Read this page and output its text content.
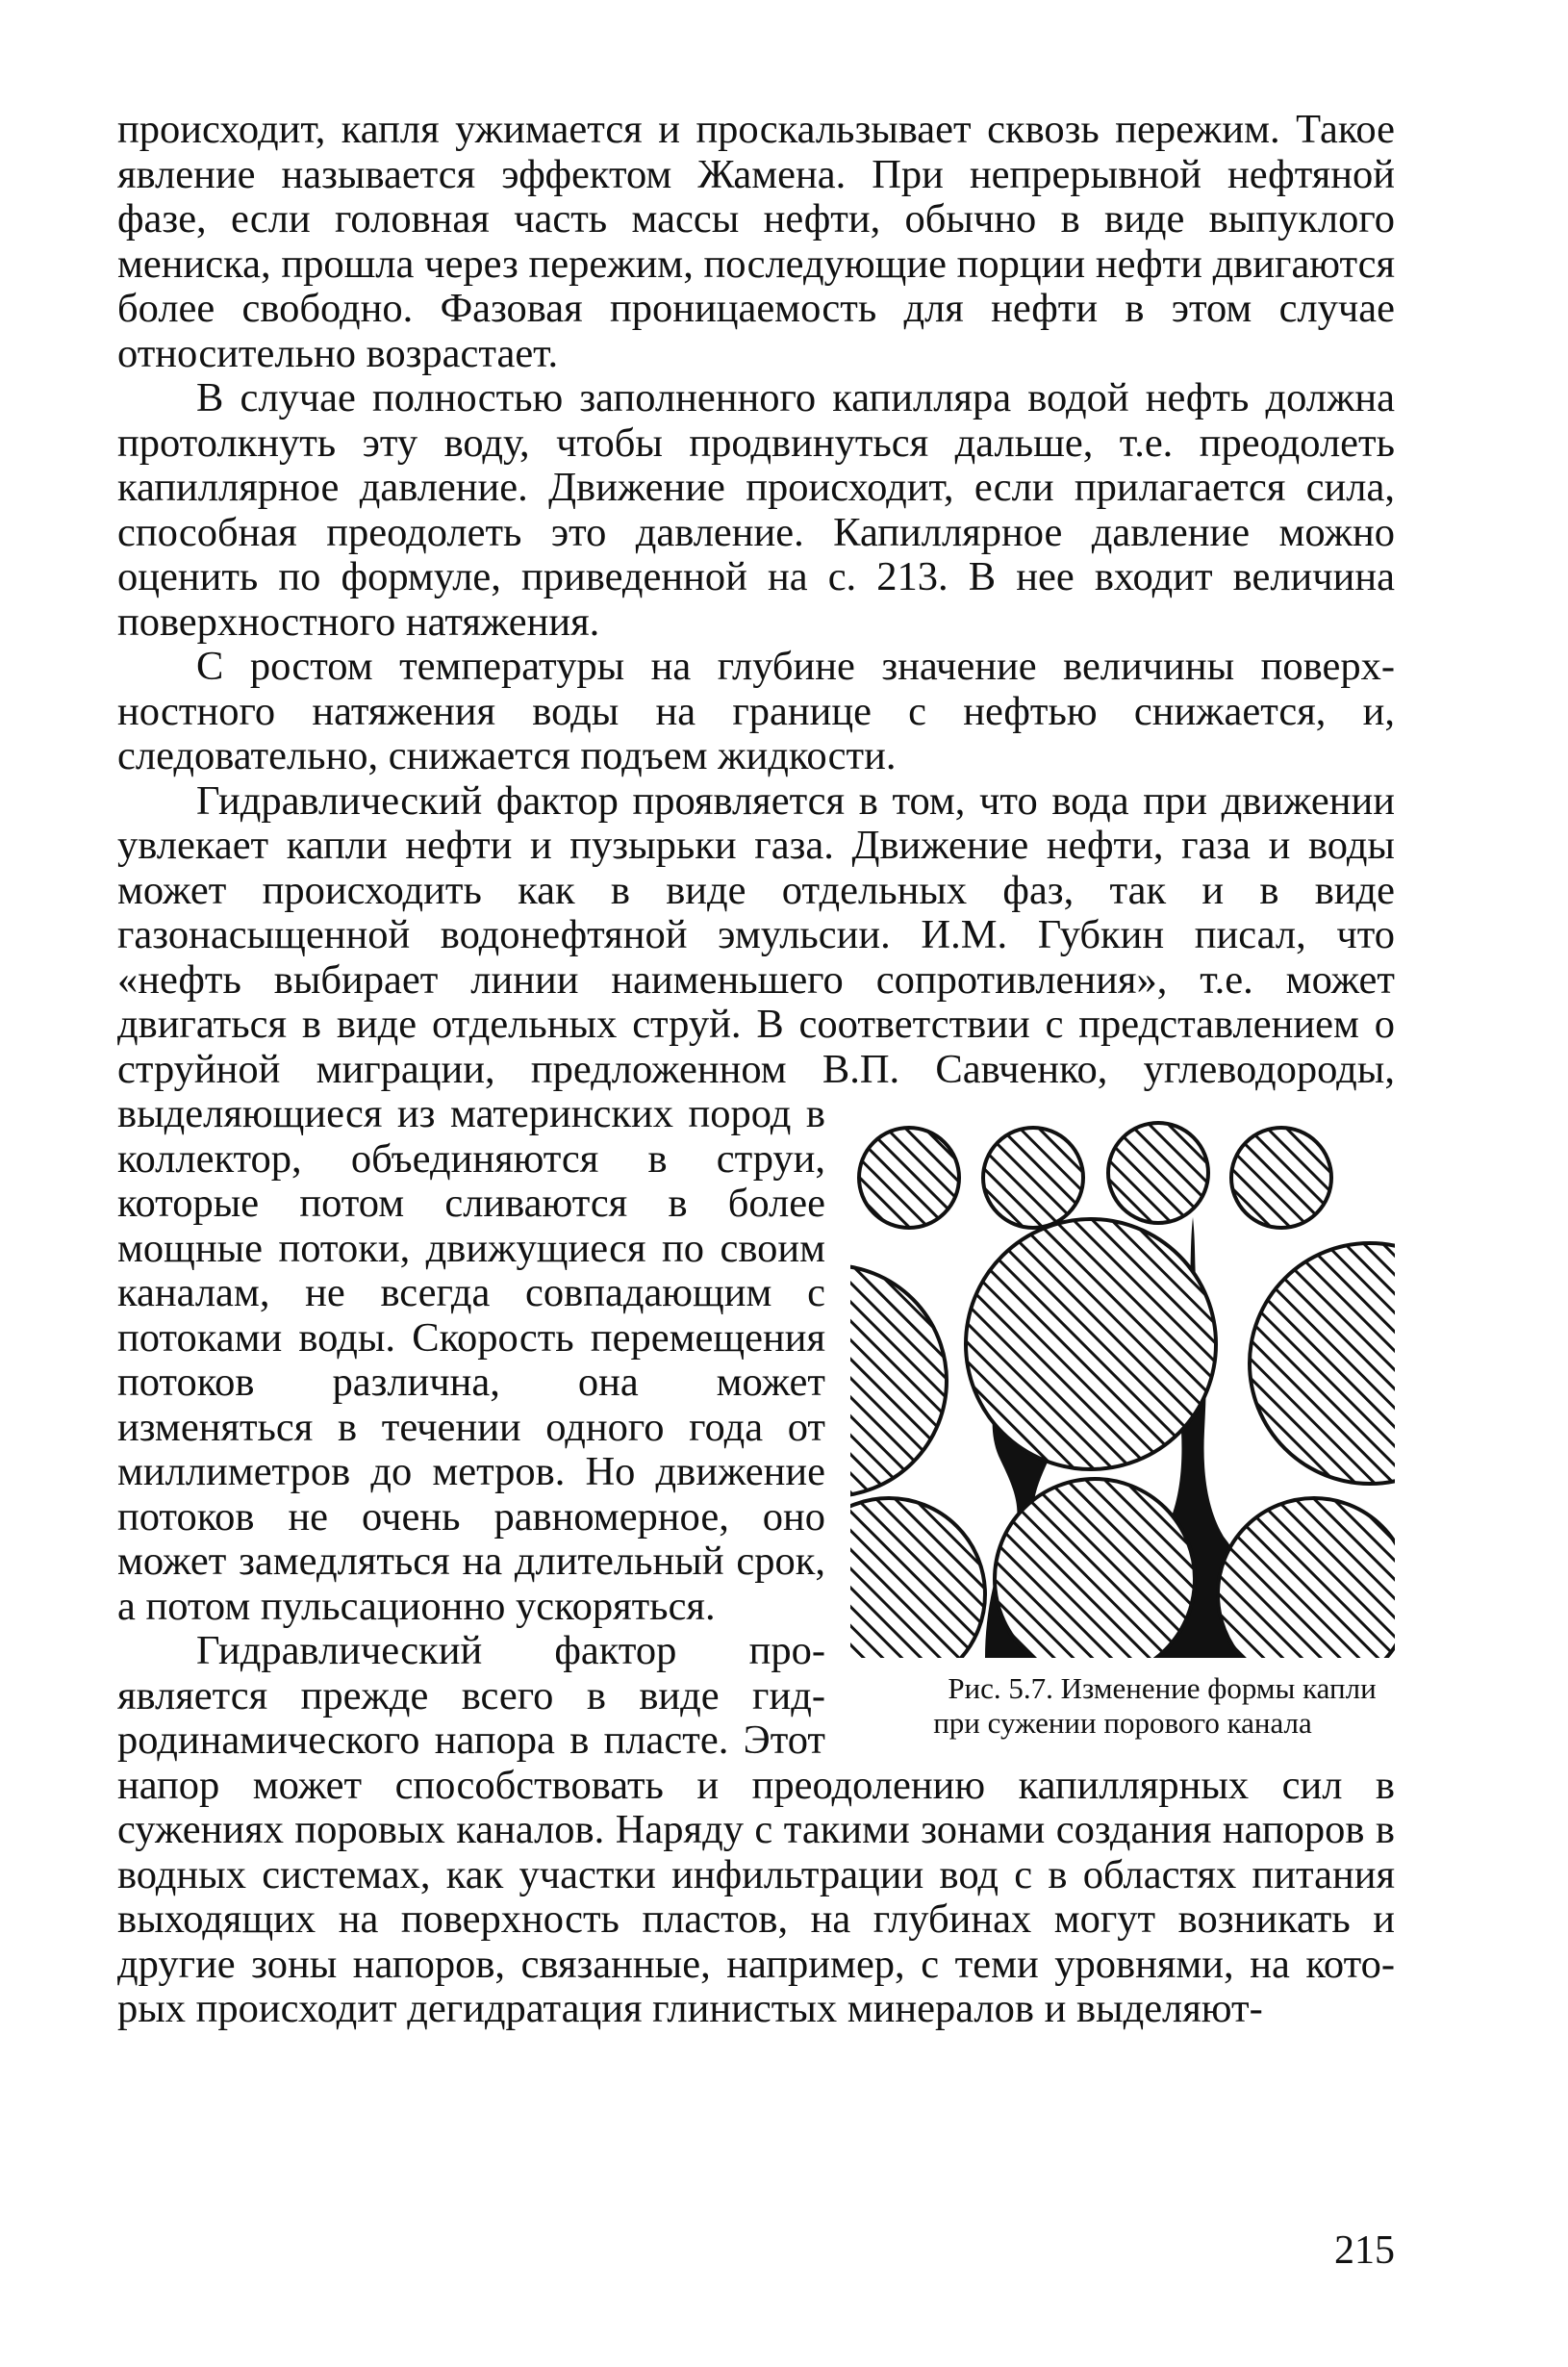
происходит, капля ужимается и проскальзывает сквозь пережим. Такое явление называется эффектом Жамена. При непрерывной нефтяной фазе, если головная часть массы нефти, обычно в виде выпуклого мениска, прошла через пережим, последующие порции нефти двигаются более свободно. Фазовая проницаемость для нефти в этом случае относительно возрастает.

В случае полностью заполненного капилляра водой нефть должна протолкнуть эту воду, чтобы продвинуться дальше, т.е. преодолеть капиллярное давление. Движение происходит, если прилагается сила, способная преодолеть это давление. Капиллярное давление можно оценить по формуле, приведенной на с. 213. В нее входит величина поверхностного натяжения.

С ростом температуры на глубине значение величины поверхностного натяжения воды на границе с нефтью снижается, и, следовательно, снижается подъем жидкости.

Гидравлический фактор проявляется в том, что вода при движении увлекает капли нефти и пузырьки газа. Движение нефти, газа и воды может происходить как в виде отдельных фаз, так и в виде газонасыщенной водонефтяной эмульсии. И.М. Губкин писал, что «нефть выбирает линии наименьшего сопротивления», т.е. может двигаться в виде отдельных струй. В соответствии с представлением о струйной миграции, предложенном В.П. Савченко, углеводороды, выделяющиеся из материнских пород в
Рис. 5.7. Изменение формы капли при сужении порового канала
коллектор, объединяются в струи, которые потом сливаются в более мощные потоки, движущиеся по своим каналам, не всегда совпадающим с потоками воды. Скорость перемещения потоков различна, она может изменяться в течении одного года от миллиметров до метров. Но движение потоков не очень равномерное, оно может замедляться на длительный срок, а потом пульсационно ускоряться.

Гидравлический фактор проявляется прежде всего в виде гидродинамического напора в пласте. Этот напор может способствовать и преодолению капиллярных сил в сужениях поровых каналов. Наряду с такими зонами создания напоров в водных системах, как участки инфильтрации вод с в областях питания выходящих на поверхность пластов, на глубинах могут возникать и другие зоны напоров, связанные, например, с теми уровнями, на которых происходит дегидратация глинистых минералов и выделяют-

215
